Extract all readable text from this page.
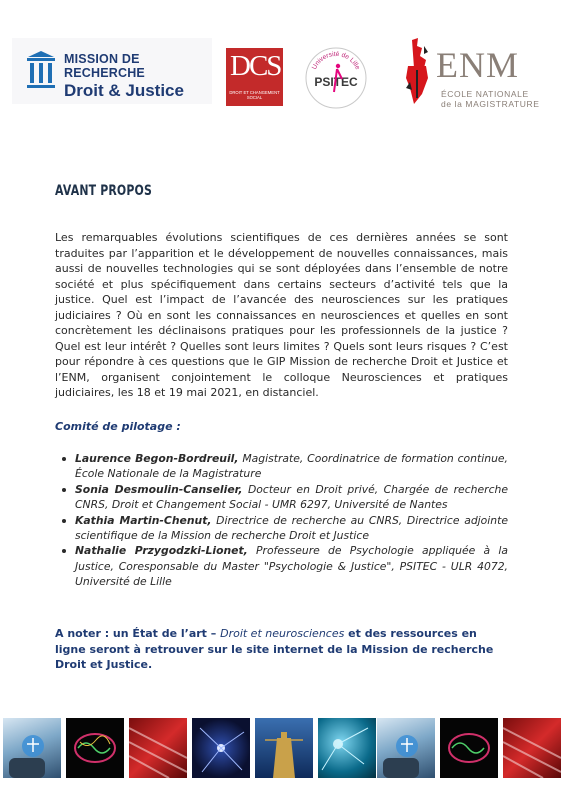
MISSION DE RECHERCHE
Droit & Justice
DCS
DROIT ET CHANGEMENT SOCIAL
Université de Lille
PSITEC ENM
ÉCOLE NATIONALE
de la MAGISTRATURE
AVANT PROPOS

Les remarquables évolutions scientifiques de ces dernières années se sont traduites par l’apparition et le développement de nouvelles connaissances, mais aussi de nouvelles technologies qui se sont déployées dans l’ensemble de notre société et plus spécifiquement dans certains secteurs d’activité tels que la justice. Quel est l’impact de l’avancée des neurosciences sur les pratiques judiciaires ? Où en sont les connaissances en neurosciences et quelles en sont concrètement les déclinaisons pratiques pour les professionnels de la justice ? Quel est leur intérêt ? Quelles sont leurs limites ? Quels sont leurs risques ? C’est pour répondre à ces questions que le GIP Mission de recherche Droit et Justice et l’ENM, organisent conjointement le colloque Neurosciences et pratiques judiciaires, les 18 et 19 mai 2021, en distanciel.

Comité de pilotage :
Laurence Begon-Bordreuil, Magistrate, Coordinatrice de formation continue, École Nationale de la Magistrature
Sonia Desmoulin-Canselier, Docteur en Droit privé, Chargée de recherche CNRS, Droit et Changement Social - UMR 6297, Université de Nantes
Kathia Martin-Chenut, Directrice de recherche au CNRS, Directrice adjointe scientifique de la Mission de recherche Droit et Justice
Nathalie Przygodzki-Lionet, Professeure de Psychologie appliquée à la Justice, Coresponsable du Master "Psychologie & Justice", PSITEC - ULR 4072, Université de Lille

A noter : un État de l’art – Droit et neurosciences et des ressources en ligne seront à retrouver sur le site internet de la Mission de recherche Droit et Justice.
